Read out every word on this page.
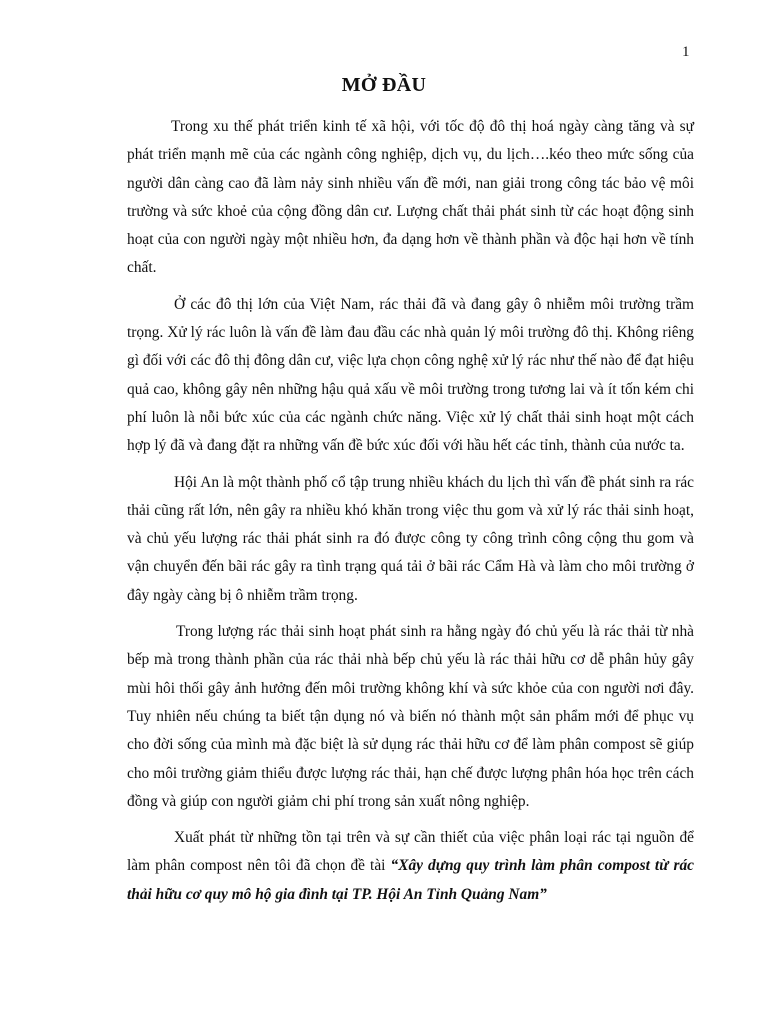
1
MỞ ĐẦU

Trong xu thế phát triển kinh tế xã hội, với tốc độ đô thị hoá ngày càng tăng và sự phát triển mạnh mẽ của các ngành công nghiệp, dịch vụ, du lịch….kéo theo mức sống của người dân càng cao đã làm nảy sinh nhiều vấn đề mới, nan giải trong công tác bảo vệ môi trường và sức khoẻ của cộng đồng dân cư. Lượng chất thải phát sinh từ các hoạt động sinh hoạt của con người ngày một nhiều hơn, đa dạng hơn về thành phần và độc hại hơn về tính chất.

Ở các đô thị lớn của Việt Nam, rác thải đã và đang gây ô nhiễm môi trường trầm trọng. Xử lý rác luôn là vấn đề làm đau đầu các nhà quản lý môi trường đô thị. Không riêng gì đối với các đô thị đông dân cư, việc lựa chọn công nghệ xử lý rác như thế nào để đạt hiệu quả cao, không gây nên những hậu quả xấu về môi trường trong tương lai và ít tốn kém chi phí luôn là nỗi bức xúc của các ngành chức năng. Việc xử lý chất thải sinh hoạt một cách hợp lý đã và đang đặt ra những vấn đề bức xúc đối với hầu hết các tỉnh, thành của nước ta.

Hội An là một thành phố cổ tập trung nhiều khách du lịch thì vấn đề phát sinh ra rác thải cũng rất lớn, nên gây ra nhiều khó khăn trong việc thu gom và xử lý rác thải sinh hoạt, và chủ yếu lượng rác thải phát sinh ra đó được công ty công trình công cộng thu gom và vận chuyển đến bãi rác gây ra tình trạng quá tải ở bãi rác Cẩm Hà và làm cho môi trường ở đây ngày càng bị ô nhiễm trầm trọng.

Trong lượng rác thải sinh hoạt phát sinh ra hằng ngày đó chủ yếu là rác thải từ nhà bếp mà trong thành phần của rác thải nhà bếp chủ yếu là rác thải hữu cơ dễ phân hủy gây mùi hôi thối gây ảnh hưởng đến môi trường không khí và sức khỏe của con người nơi đây. Tuy nhiên nếu chúng ta biết tận dụng nó và biến nó thành một sản phẩm mới để phục vụ cho đời sống của mình mà đặc biệt là sử dụng rác thải hữu cơ để làm phân compost sẽ giúp cho môi trường giảm thiểu được lượng rác thải, hạn chế được lượng phân hóa học trên cách đồng và giúp con người giảm chi phí trong sản xuất nông nghiệp.

Xuất phát từ những tồn tại trên và sự cần thiết của việc phân loại rác tại nguồn để làm phân compost nên tôi đã chọn đề tài “Xây dựng quy trình làm phân compost từ rác thải hữu cơ quy mô hộ gia đình tại TP. Hội An Tỉnh Quảng Nam”
